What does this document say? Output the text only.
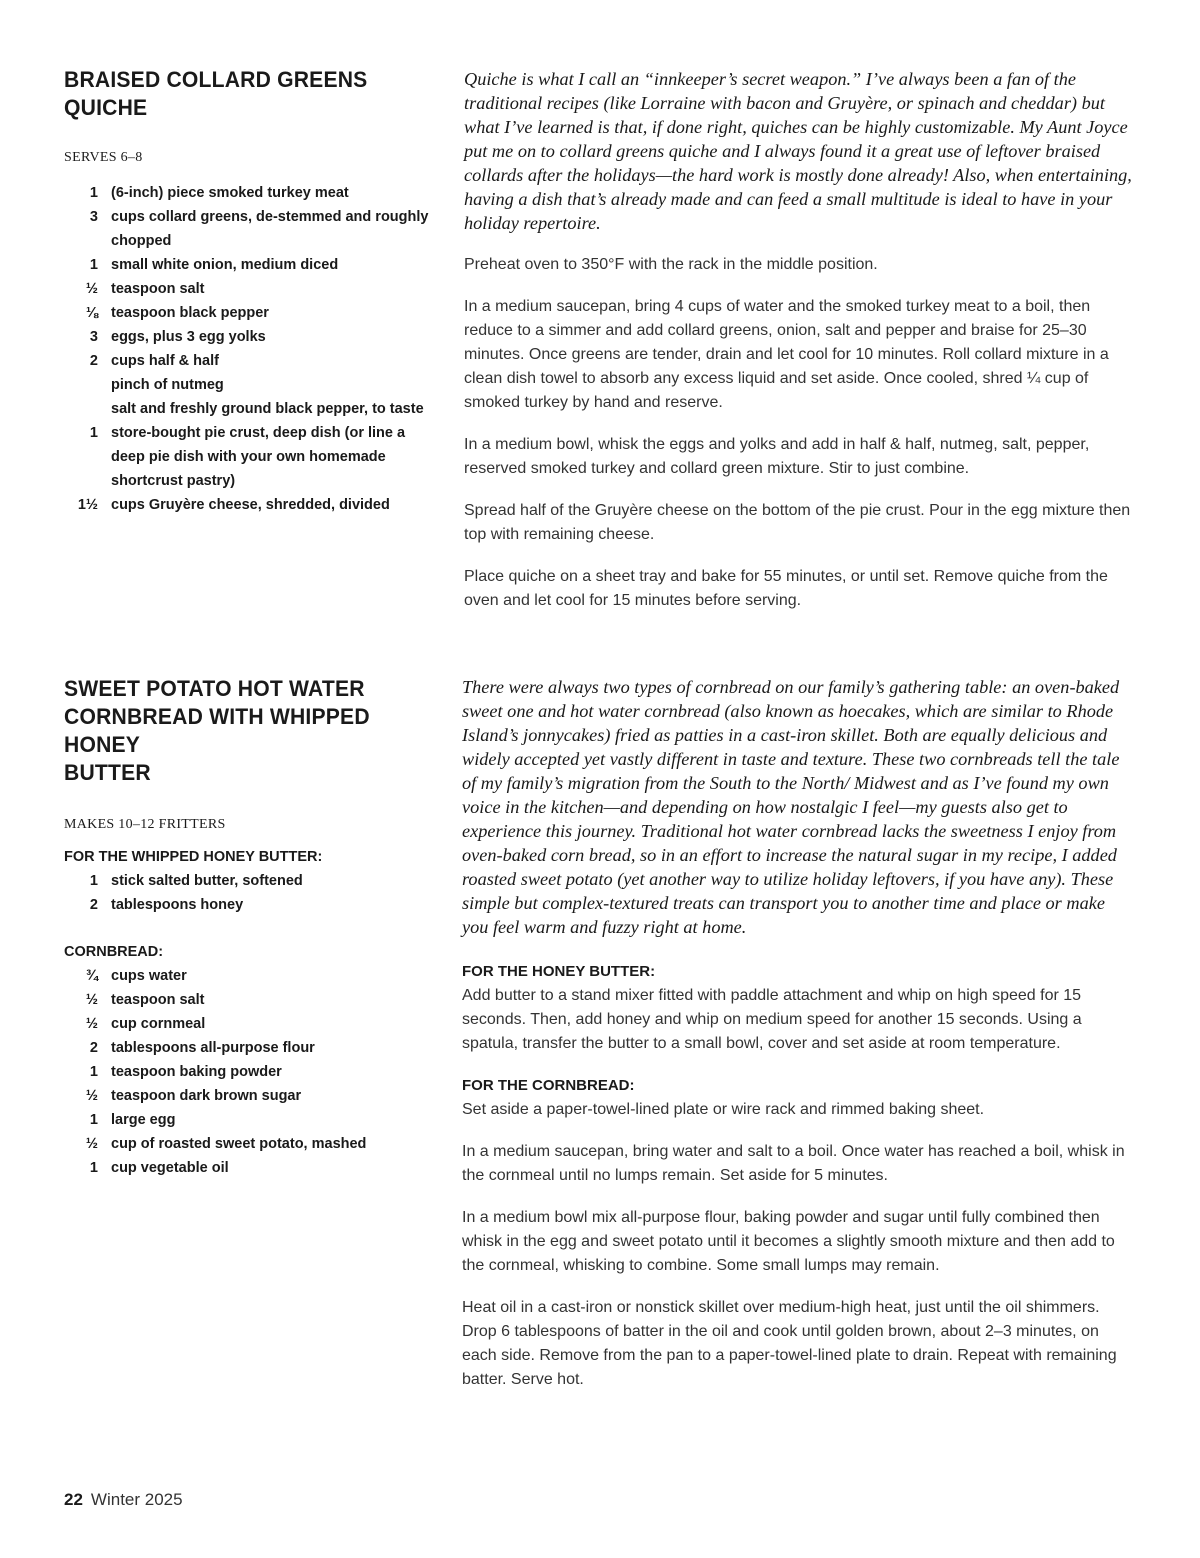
BRAISED COLLARD GREENS QUICHE

SERVES 6–8

1 (6-inch) piece smoked turkey meat
3 cups collard greens, de-stemmed and roughly chopped
1 small white onion, medium diced
½ teaspoon salt
⅛ teaspoon black pepper
3 eggs, plus 3 egg yolks
2 cups half & half
pinch of nutmeg
salt and freshly ground black pepper, to taste
1 store-bought pie crust, deep dish (or line a deep pie dish with your own homemade shortcrust pastry)
1½ cups Gruyère cheese, shredded, divided

Quiche is what I call an “innkeeper’s secret weapon.” I’ve always been a fan of the traditional recipes (like Lorraine with bacon and Gruyère, or spinach and cheddar) but what I’ve learned is that, if done right, quiches can be highly customizable. My Aunt Joyce put me on to collard greens quiche and I always found it a great use of leftover braised collards after the holidays—the hard work is mostly done already! Also, when entertaining, having a dish that’s already made and can feed a small multitude is ideal to have in your holiday repertoire.

Preheat oven to 350°F with the rack in the middle position.

In a medium saucepan, bring 4 cups of water and the smoked turkey meat to a boil, then reduce to a simmer and add collard greens, onion, salt and pepper and braise for 25–30 minutes. Once greens are tender, drain and let cool for 10 minutes. Roll collard mixture in a clean dish towel to absorb any excess liquid and set aside. Once cooled, shred ¼ cup of smoked turkey by hand and reserve.

In a medium bowl, whisk the eggs and yolks and add in half & half, nutmeg, salt, pepper, reserved smoked turkey and collard green mixture. Stir to just combine.

Spread half of the Gruyère cheese on the bottom of the pie crust. Pour in the egg mixture then top with remaining cheese.

Place quiche on a sheet tray and bake for 55 minutes, or until set. Remove quiche from the oven and let cool for 15 minutes before serving.

SWEET POTATO HOT WATER
CORNBREAD WITH WHIPPED HONEY
BUTTER

MAKES 10–12 FRITTERS

FOR THE WHIPPED HONEY BUTTER:

1 stick salted butter, softened
2 tablespoons honey

CORNBREAD:

¾ cups water
½ teaspoon salt
½ cup cornmeal
2 tablespoons all-purpose flour
1 teaspoon baking powder
½ teaspoon dark brown sugar
1 large egg
½ cup of roasted sweet potato, mashed
1 cup vegetable oil

There were always two types of cornbread on our family’s gathering table: an oven-baked sweet one and hot water cornbread (also known as hoecakes, which are similar to Rhode Island’s jonnycakes) fried as patties in a cast-iron skillet. Both are equally delicious and widely accepted yet vastly different in taste and texture. These two cornbreads tell the tale of my family’s migration from the South to the North/ Midwest and as I’ve found my own voice in the kitchen—and depending on how nostalgic I feel—my guests also get to experience this journey. Traditional hot water cornbread lacks the sweetness I enjoy from oven-baked corn bread, so in an effort to increase the natural sugar in my recipe, I added roasted sweet potato (yet another way to utilize holiday leftovers, if you have any). These simple but complex-textured treats can transport you to another time and place or make you feel warm and fuzzy right at home.

FOR THE HONEY BUTTER:

Add butter to a stand mixer fitted with paddle attachment and whip on high speed for 15 seconds. Then, add honey and whip on medium speed for another 15 seconds. Using a spatula, transfer the butter to a small bowl, cover and set aside at room temperature.

FOR THE CORNBREAD:

Set aside a paper-towel-lined plate or wire rack and rimmed baking sheet.

In a medium saucepan, bring water and salt to a boil. Once water has reached a boil, whisk in the cornmeal until no lumps remain. Set aside for 5 minutes.

In a medium bowl mix all-purpose flour, baking powder and sugar until fully combined then whisk in the egg and sweet potato until it becomes a slightly smooth mixture and then add to the cornmeal, whisking to combine. Some small lumps may remain.

Heat oil in a cast-iron or nonstick skillet over medium-high heat, just until the oil shimmers. Drop 6 tablespoons of batter in the oil and cook until golden brown, about 2–3 minutes, on each side. Remove from the pan to a paper-towel-lined plate to drain. Repeat with remaining batter. Serve hot.

22 Winter 2025
